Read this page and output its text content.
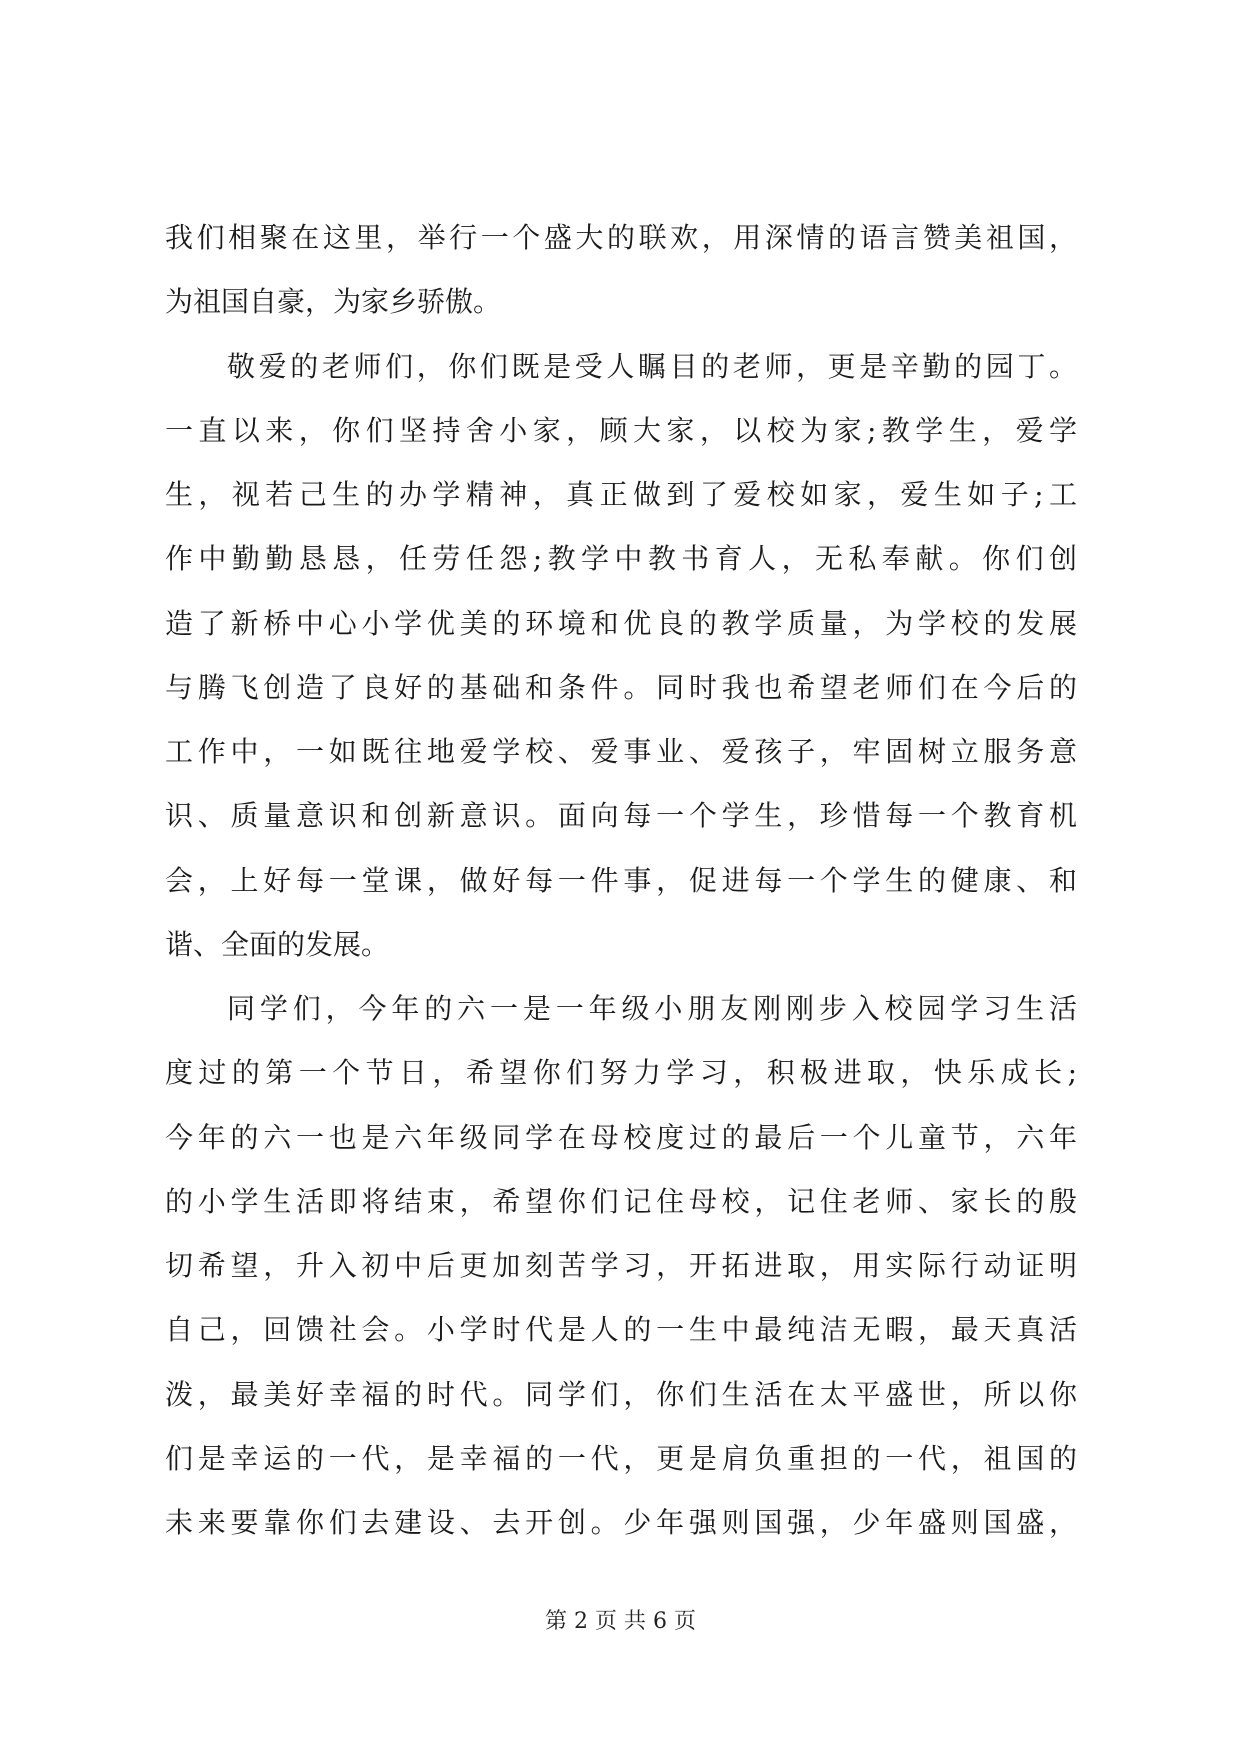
我们相聚在这里，举行一个盛大的联欢，用深情的语言赞美祖国，
为祖国自豪，为家乡骄傲。
敬爱的老师们，你们既是受人瞩目的老师，更是辛勤的园丁。
一直以来，你们坚持舍小家，顾大家，以校为家;教学生，爱学
生，视若己生的办学精神，真正做到了爱校如家，爱生如子;工
作中勤勤恳恳，任劳任怨;教学中教书育人，无私奉献。你们创
造了新桥中心小学优美的环境和优良的教学质量，为学校的发展
与腾飞创造了良好的基础和条件。同时我也希望老师们在今后的
工作中，一如既往地爱学校、爱事业、爱孩子，牢固树立服务意
识、质量意识和创新意识。面向每一个学生，珍惜每一个教育机
会，上好每一堂课，做好每一件事，促进每一个学生的健康、和
谐、全面的发展。
同学们，今年的六一是一年级小朋友刚刚步入校园学习生活
度过的第一个节日，希望你们努力学习，积极进取，快乐成长;
今年的六一也是六年级同学在母校度过的最后一个儿童节，六年
的小学生活即将结束，希望你们记住母校，记住老师、家长的殷
切希望，升入初中后更加刻苦学习，开拓进取，用实际行动证明
自己，回馈社会。小学时代是人的一生中最纯洁无暇，最天真活
泼，最美好幸福的时代。同学们，你们生活在太平盛世，所以你
们是幸运的一代，是幸福的一代，更是肩负重担的一代，祖国的
未来要靠你们去建设、去开创。少年强则国强，少年盛则国盛，
第 2 页 共 6 页
